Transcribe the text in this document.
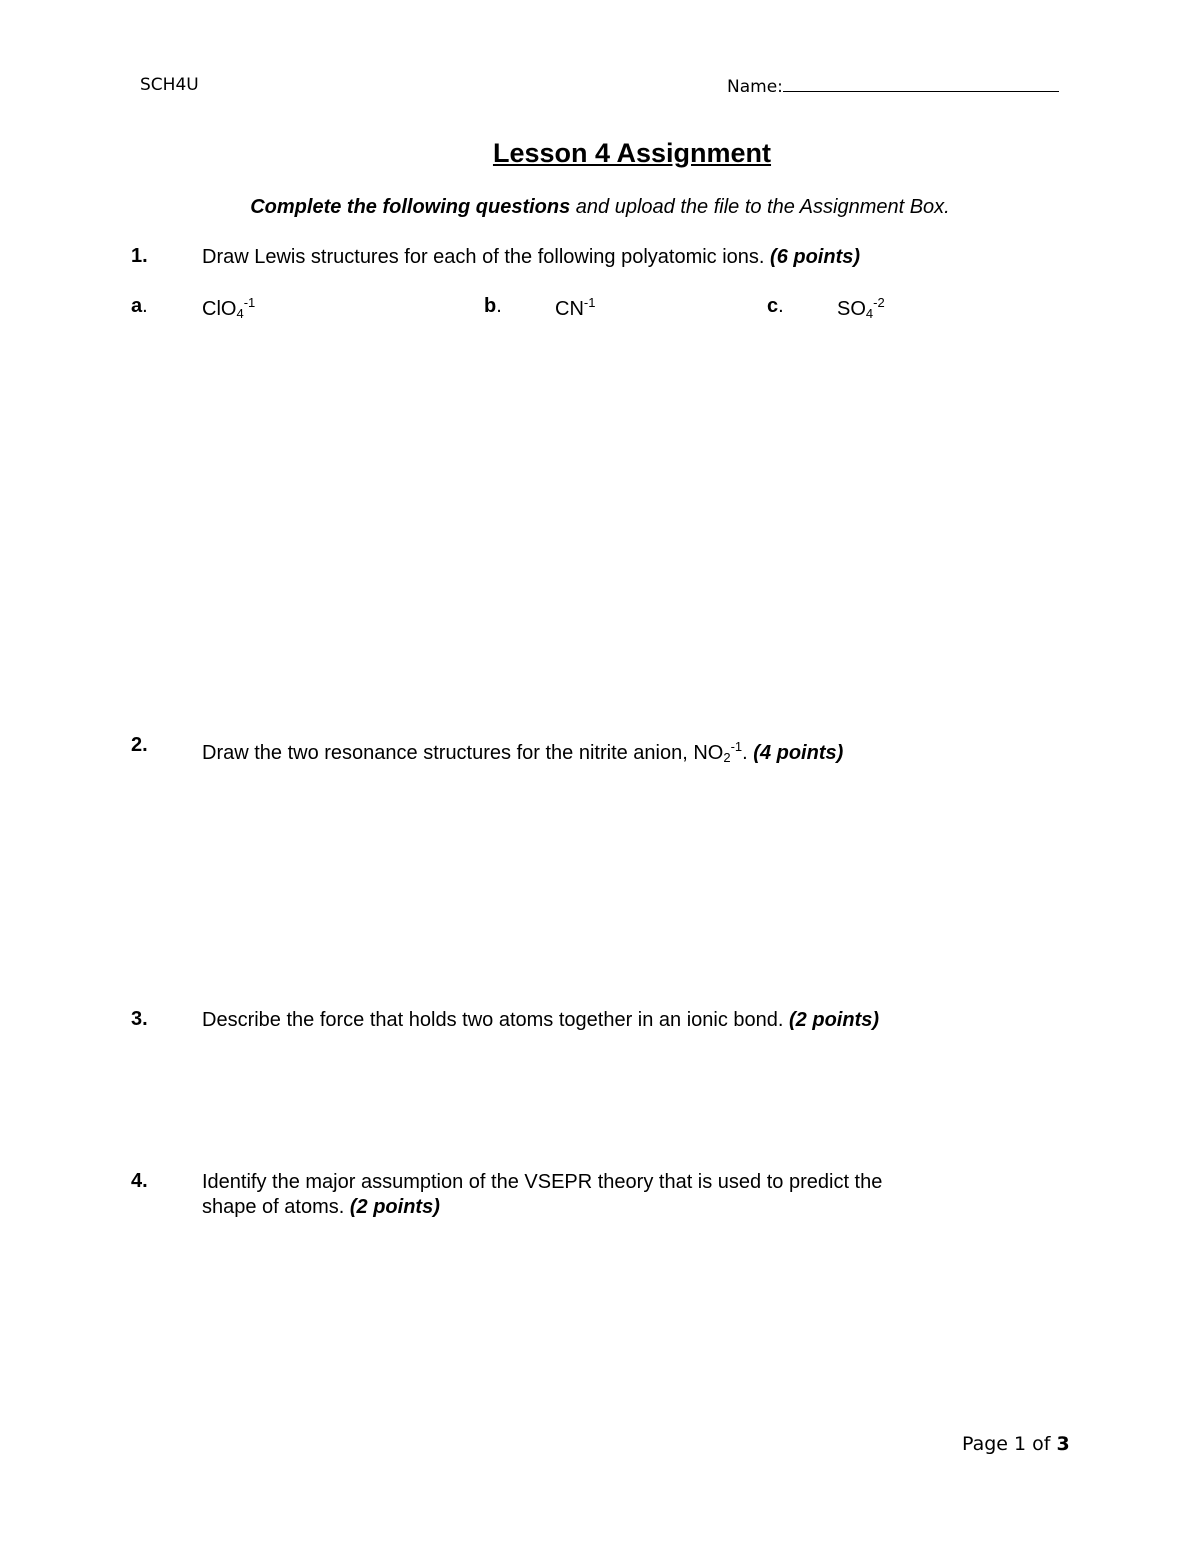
SCH4U	Name:
Lesson 4 Assignment
Complete the following questions and upload the file to the Assignment Box.
1.	Draw Lewis structures for each of the following polyatomic ions. (6 points)
a.	ClO$_4^{-1}$	b.	$CN^{-1}$	c.	$SO_4^{-2}$
2.	Draw the two resonance structures for the nitrite anion, $NO_2^{-1}$. (4 points)
3.	Describe the force that holds two atoms together in an ionic bond. (2 points)
4.	Identify the major assumption of the VSEPR theory that is used to predict the
shape of atoms. (2 points)
Page 1 of 3
